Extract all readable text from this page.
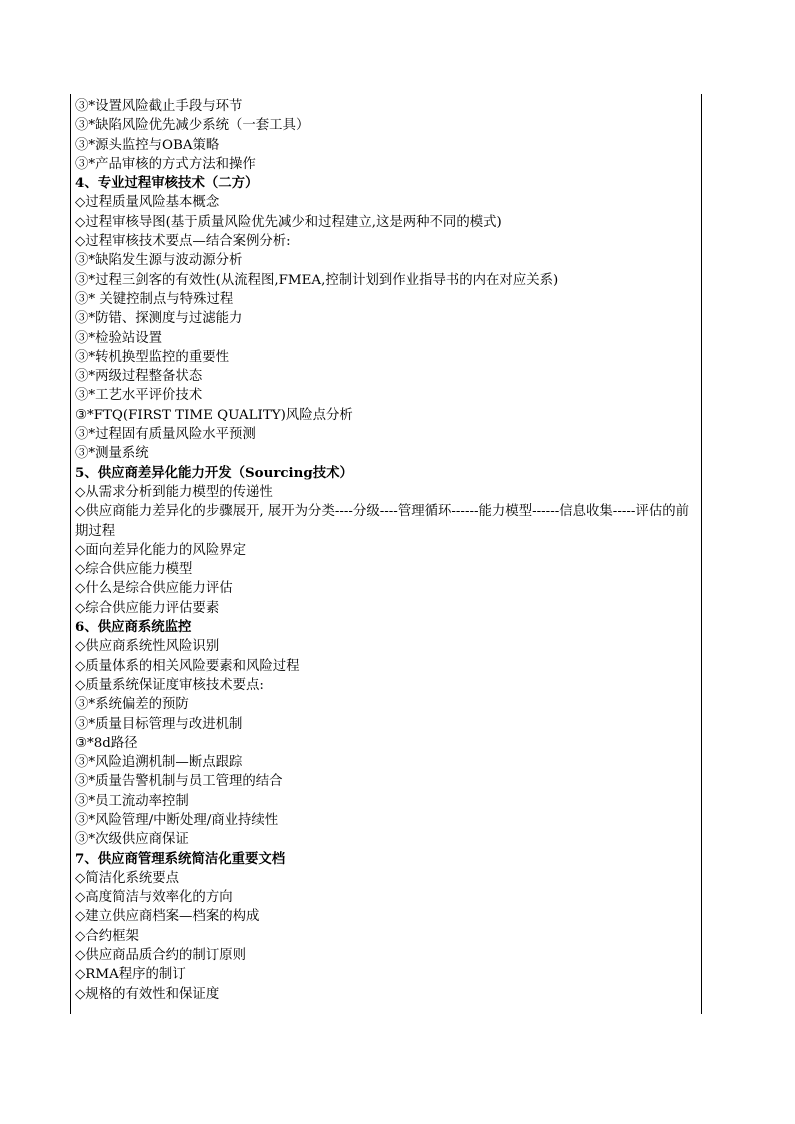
③*设置风险截止手段与环节
③*缺陷风险优先减少系统（一套工具）
③*源头监控与OBA策略
③*产品审核的方式方法和操作
4、专业过程审核技术（二方）
◇过程质量风险基本概念
◇过程审核导图(基于质量风险优先减少和过程建立,这是两种不同的模式)
◇过程审核技术要点—结合案例分析:
③*缺陷发生源与波动源分析
③*过程三剑客的有效性(从流程图,FMEA,控制计划到作业指导书的内在对应关系)
③* 关键控制点与特殊过程
③*防错、探测度与过滤能力
③*检验站设置
③*转机换型监控的重要性
③*两级过程整备状态
③*工艺水平评价技术
③*FTQ(FIRST TIME QUALITY)风险点分析
③*过程固有质量风险水平预测
③*测量系统
5、供应商差异化能力开发（Sourcing技术）
◇从需求分析到能力模型的传递性
◇供应商能力差异化的步骤展开, 展开为分类----分级----管理循环------能力模型------信息收集-----评估的前期过程
◇面向差异化能力的风险界定
◇综合供应能力模型
◇什么是综合供应能力评估
◇综合供应能力评估要素
6、供应商系统监控
◇供应商系统性风险识别
◇质量体系的相关风险要素和风险过程
◇质量系统保证度审核技术要点:
③*系统偏差的预防
③*质量目标管理与改进机制
③*8d路径
③*风险追溯机制—断点跟踪
③*质量告警机制与员工管理的结合
③*员工流动率控制
③*风险管理/中断处理/商业持续性
③*次级供应商保证
7、供应商管理系统简洁化重要文档
◇简洁化系统要点
◇高度简洁与效率化的方向
◇建立供应商档案—档案的构成
◇合约框架
◇供应商品质合约的制订原则
◇RMA程序的制订
◇规格的有效性和保证度
